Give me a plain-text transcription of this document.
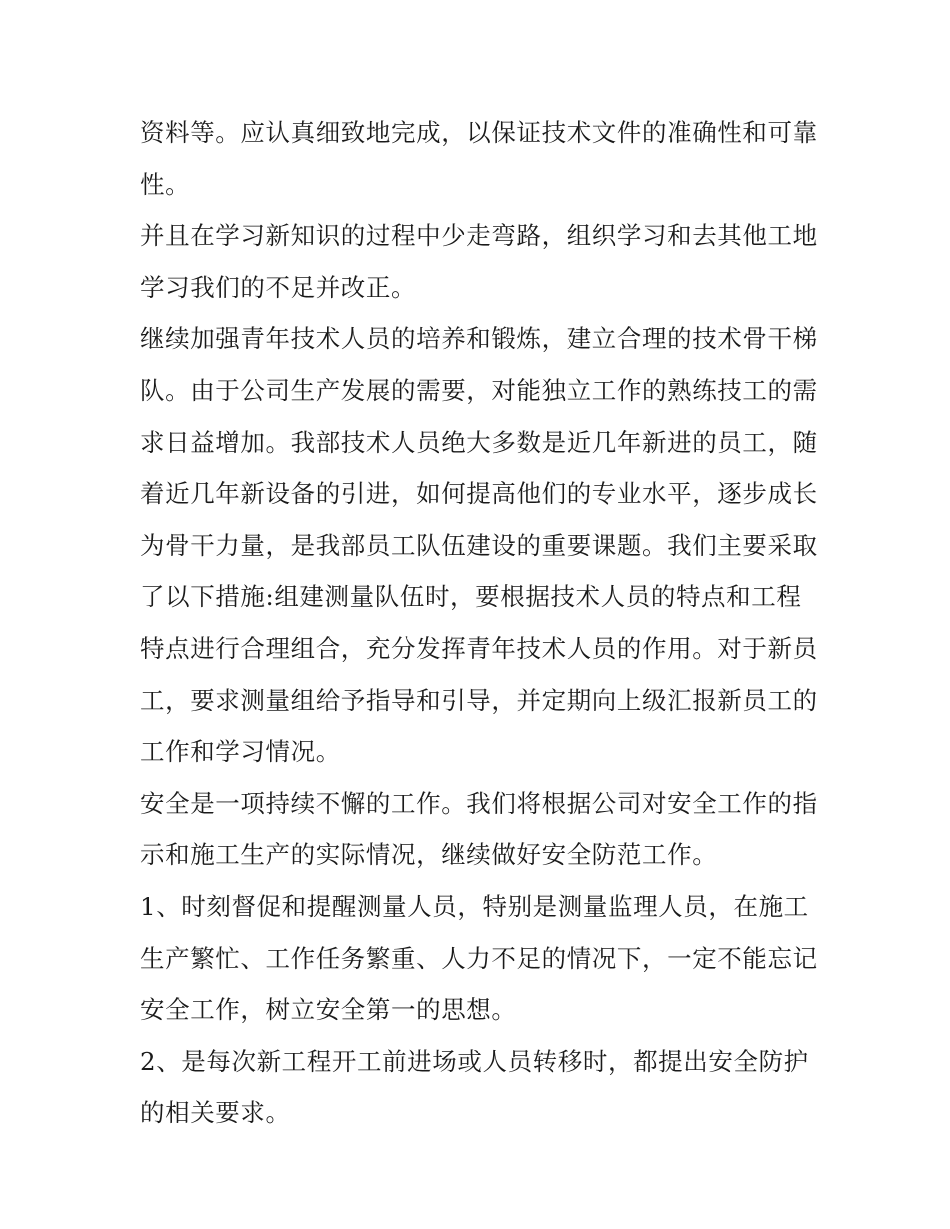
资料等。应认真细致地完成，以保证技术文件的准确性和可靠
性。
并且在学习新知识的过程中少走弯路，组织学习和去其他工地
学习我们的不足并改正。
继续加强青年技术人员的培养和锻炼，建立合理的技术骨干梯
队。由于公司生产发展的需要，对能独立工作的熟练技工的需
求日益增加。我部技术人员绝大多数是近几年新进的员工，随
着近几年新设备的引进，如何提高他们的专业水平，逐步成长
为骨干力量，是我部员工队伍建设的重要课题。我们主要采取
了以下措施:组建测量队伍时，要根据技术人员的特点和工程
特点进行合理组合，充分发挥青年技术人员的作用。对于新员
工，要求测量组给予指导和引导，并定期向上级汇报新员工的
工作和学习情况。
安全是一项持续不懈的工作。我们将根据公司对安全工作的指
示和施工生产的实际情况，继续做好安全防范工作。
1、时刻督促和提醒测量人员，特别是测量监理人员，在施工
生产繁忙、工作任务繁重、人力不足的情况下，一定不能忘记
安全工作，树立安全第一的思想。
2、是每次新工程开工前进场或人员转移时，都提出安全防护
的相关要求。
